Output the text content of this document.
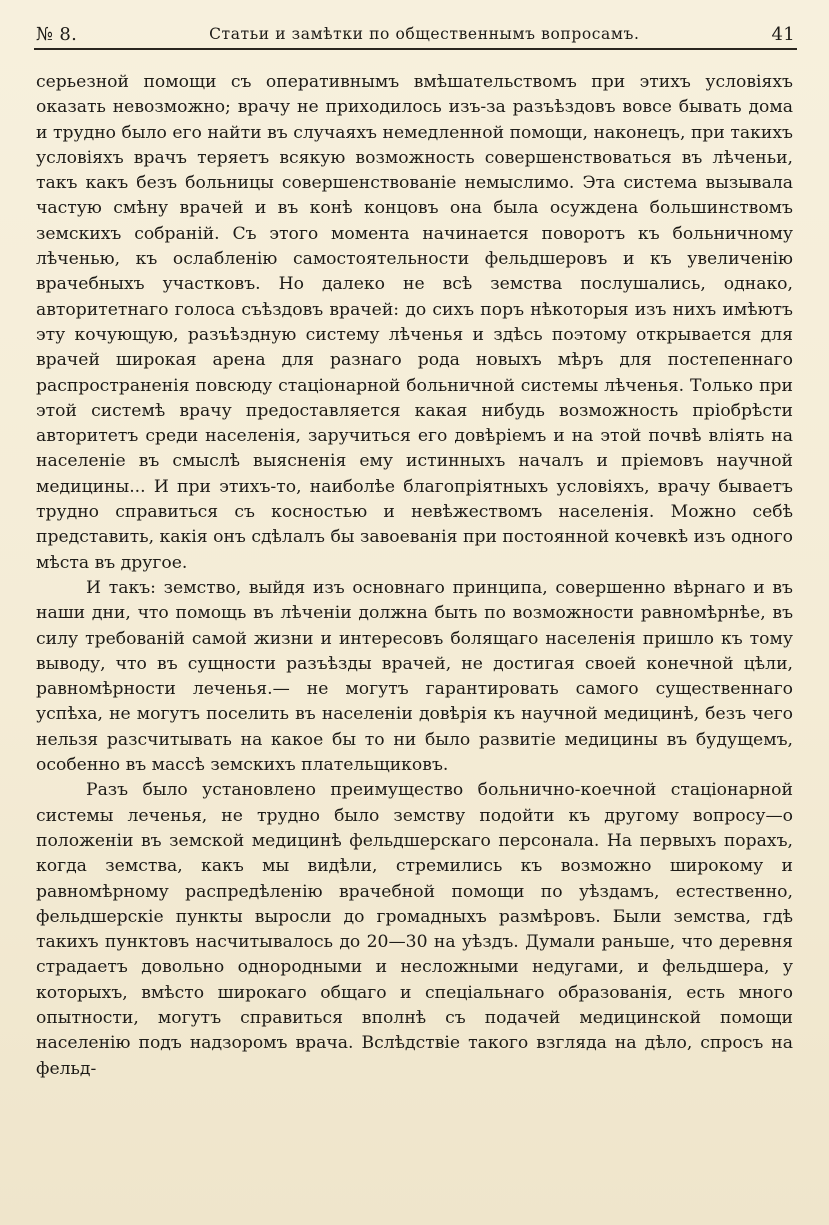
№ 8.	Статьи и замѣтки по общественнымъ вопросамъ.	41

серьезной помощи съ оперативнымъ вмѣшательствомъ при этихъ условіяхъ оказать невозможно; врачу не приходилось изъ-за разъѣздовъ вовсе бывать дома и трудно было его найти въ случаяхъ немедленной помощи, наконецъ, при такихъ условіяхъ врачъ теряетъ всякую возможность совершенствоваться въ лѣченьи, такъ какъ безъ больницы совершенствованіе немыслимо. Эта система вызывала частую смѣну врачей и въ конѣ концовъ она была осуждена большинствомъ земскихъ собраній. Съ этого момента начинается поворотъ къ больничному лѣченью, къ ослабленію самостоятельности фельдшеровъ и къ увеличенію врачебныхъ участковъ. Но далеко не всѣ земства послушались, однако, авторитетнаго голоса съѣздовъ врачей: до сихъ поръ нѣкоторыя изъ нихъ имѣютъ эту кочующую, разъѣздную систему лѣченья и здѣсь поэтому открывается для врачей широкая арена для разнаго рода новыхъ мѣръ для постепеннаго распространенія повсюду стаціонарной больничной системы лѣченья. Только при этой системѣ врачу предоставляется какая нибудь возможность пріобрѣсти авторитетъ среди населенія, заручиться его довѣріемъ и на этой почвѣ вліять на населеніе въ смыслѣ выясненія ему истинныхъ началъ и пріемовъ научной медицины... И при этихъ-то, наиболѣе благопріятныхъ условіяхъ, врачу бываетъ трудно справиться съ косностью и невѣжествомъ населенія. Можно себѣ представить, какія онъ сдѣлалъ бы завоеванія при постоянной кочевкѣ изъ одного мѣста въ другое.

И такъ: земство, выйдя изъ основнаго принципа, совершенно вѣрнаго и въ наши дни, что помощь въ лѣченіи должна быть по возможности равномѣрнѣе, въ силу требованій самой жизни и интересовъ болящаго населенія пришло къ тому выводу, что въ сущности разъѣзды врачей, не достигая своей конечной цѣли, равномѣрности леченья.— не могутъ гарантировать самого существеннаго успѣха, не могутъ поселить въ населеніи довѣрія къ научной медицинѣ, безъ чего нельзя разсчитывать на какое бы то ни было развитіе медицины въ будущемъ, особенно въ массѣ земскихъ плательщиковъ.

Разъ было установлено преимущество больнично-коечной стаціонарной системы леченья, не трудно было земству подойти къ другому вопросу—о положеніи въ земской медицинѣ фельдшерскаго персонала. На первыхъ порахъ, когда земства, какъ мы видѣли, стремились къ возможно широкому и равномѣрному распредѣленію врачебной помощи по уѣздамъ, естественно, фельдшерскіе пункты выросли до громадныхъ размѣровъ. Были земства, гдѣ такихъ пунктовъ насчитывалось до 20—30 на уѣздъ. Думали раньше, что деревня страдаетъ довольно однородными и несложными недугами, и фельдшера, у которыхъ, вмѣсто широкаго общаго и спеціальнаго образованія, есть много опытности, могутъ справиться вполнѣ съ подачей медицинской помощи населенію подъ надзоромъ врача. Вслѣдствіе такого взгляда на дѣло, спросъ на фельд-
